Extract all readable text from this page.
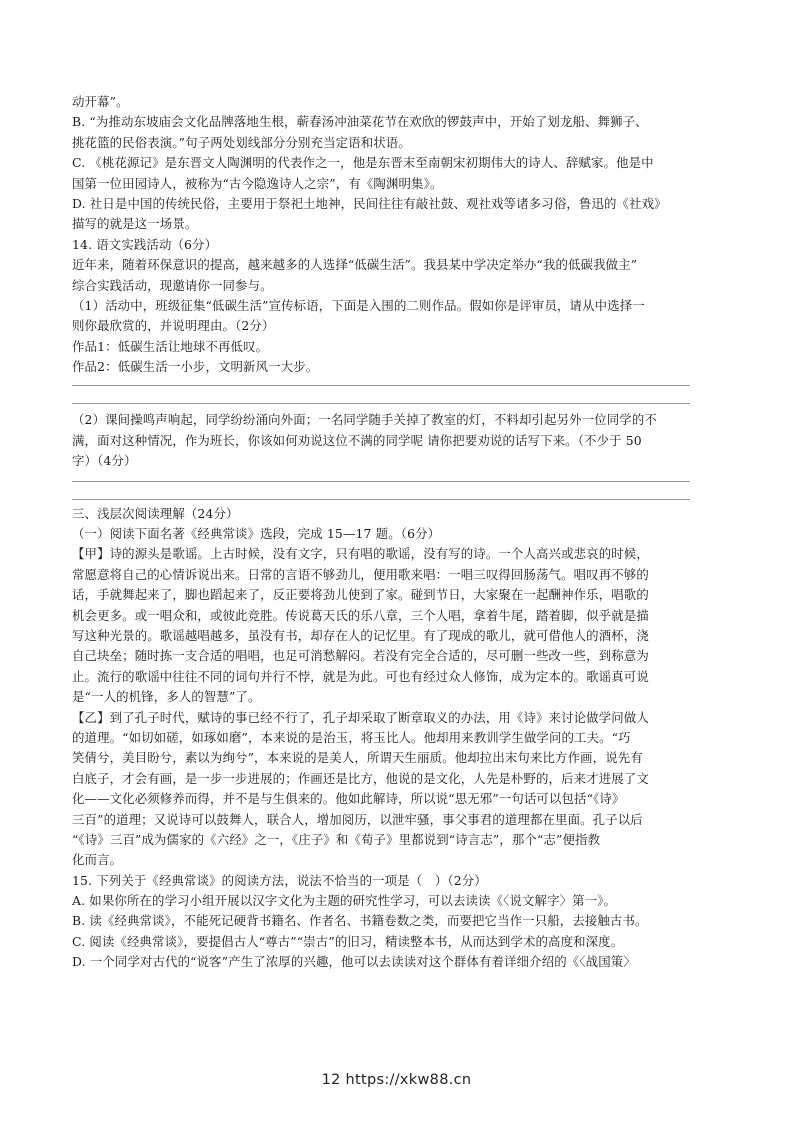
动开幕”。
B. “为推动东坡庙会文化品牌落地生根，蕲春汤冲油菜花节在欢欣的锣鼓声中，开始了划龙船、舞狮子、
挑花篮的民俗表演。”句子两处划线部分分别充当定语和状语。
C. 《桃花源记》是东晋文人陶渊明的代表作之一，他是东晋末至南朝宋初期伟大的诗人、辞赋家。他是中
国第一位田园诗人，被称为“古今隐逸诗人之宗”，有《陶渊明集》。
D. 社日是中国的传统民俗，主要用于祭祀土地神，民间往往有敲社鼓、观社戏等诸多习俗，鲁迅的《社戏》
描写的就是这一场景。
14. 语文实践活动（6分）
近年来，随着环保意识的提高，越来越多的人选择“低碳生活”。我县某中学决定举办“我的低碳我做主”
综合实践活动，现邀请你一同参与。
（1）活动中，班级征集“低碳生活”宣传标语，下面是入围的二则作品。假如你是评审员，请从中选择一
则你最欣赏的，并说明理由。（2分）
作品1：低碳生活让地球不再低叹。
作品2：低碳生活一小步，文明新风一大步。
（2）课间操鸣声响起，同学纷纷涌向外面；一名同学随手关掉了教室的灯，不料却引起另外一位同学的不
满，面对这种情况，作为班长，你该如何劝说这位不满的同学呢 请你把要劝说的话写下来。（不少于 50
字）（4分）
三、浅层次阅读理解（24分）
（一）阅读下面名著《经典常谈》选段，完成 15—17 题。（6分）
【甲】诗的源头是歌谣。上古时候，没有文字，只有唱的歌谣，没有写的诗。一个人高兴或悲哀的时候，
常愿意将自己的心情诉说出来。日常的言语不够劲儿，便用歌来唱：一唱三叹得回肠荡气。唱叹再不够的
话，手就舞起来了，脚也蹈起来了，反正要将劲儿使到了家。碰到节日，大家聚在一起酬神作乐，唱歌的
机会更多。或一唱众和，或彼此竞胜。传说葛天氏的乐八章，三个人唱，拿着牛尾，踏着脚，似乎就是描
写这种光景的。歌谣越唱越多，虽没有书，却存在人的记忆里。有了现成的歌儿，就可借他人的酒杯，浇
自己块垒；随时拣一支合适的唱唱，也足可消愁解闷。若没有完全合适的，尽可删一些改一些，到称意为
止。流行的歌谣中往往不同的词句并行不悖，就是为此。可也有经过众人修饰，成为定本的。歌谣真可说
是“一人的机锋，多人的智慧”了。
【乙】到了孔子时代，赋诗的事已经不行了，孔子却采取了断章取义的办法，用《诗》来讨论做学问做人
的道理。“如切如磋，如琢如磨”，本来说的是治玉，将玉比人。他却用来教训学生做学问的工夫。“巧
笑倩兮，美目盼兮，素以为绚兮”，本来说的是美人，所谓天生丽质。他却拉出末句来比方作画，说先有
白底子，才会有画，是一步一步进展的；作画还是比方，他说的是文化，人先是朴野的，后来才进展了文
化——文化必须修养而得，并不是与生俱来的。他如此解诗，所以说“思无邪”一句话可以包括“《诗》
三百”的道理；又说诗可以鼓舞人，联合人，增加阅历，以泄牢骚，事父事君的道理都在里面。孔子以后
“《诗》三百”成为儒家的《六经》之一，《庄子》和《荀子》里都说到“诗言志”，那个“志”便指教
化而言。
15. 下列关于《经典常谈》的阅读方法，说法不恰当的一项是（　）（2分）
A. 如果你所在的学习小组开展以汉字文化为主题的研究性学习，可以去读读《〈说文解字〉第一》。
B. 读《经典常谈》，不能死记硬背书籍名、作者名、书籍卷数之类，而要把它当作一只船，去接触古书。
C. 阅读《经典常谈》，要提倡古人“尊古”“崇古”的旧习，精读整本书，从而达到学术的高度和深度。
D. 一个同学对古代的“说客”产生了浓厚的兴趣，他可以去读读对这个群体有着详细介绍的《〈战国策〉
12 https://xkw88.cn
